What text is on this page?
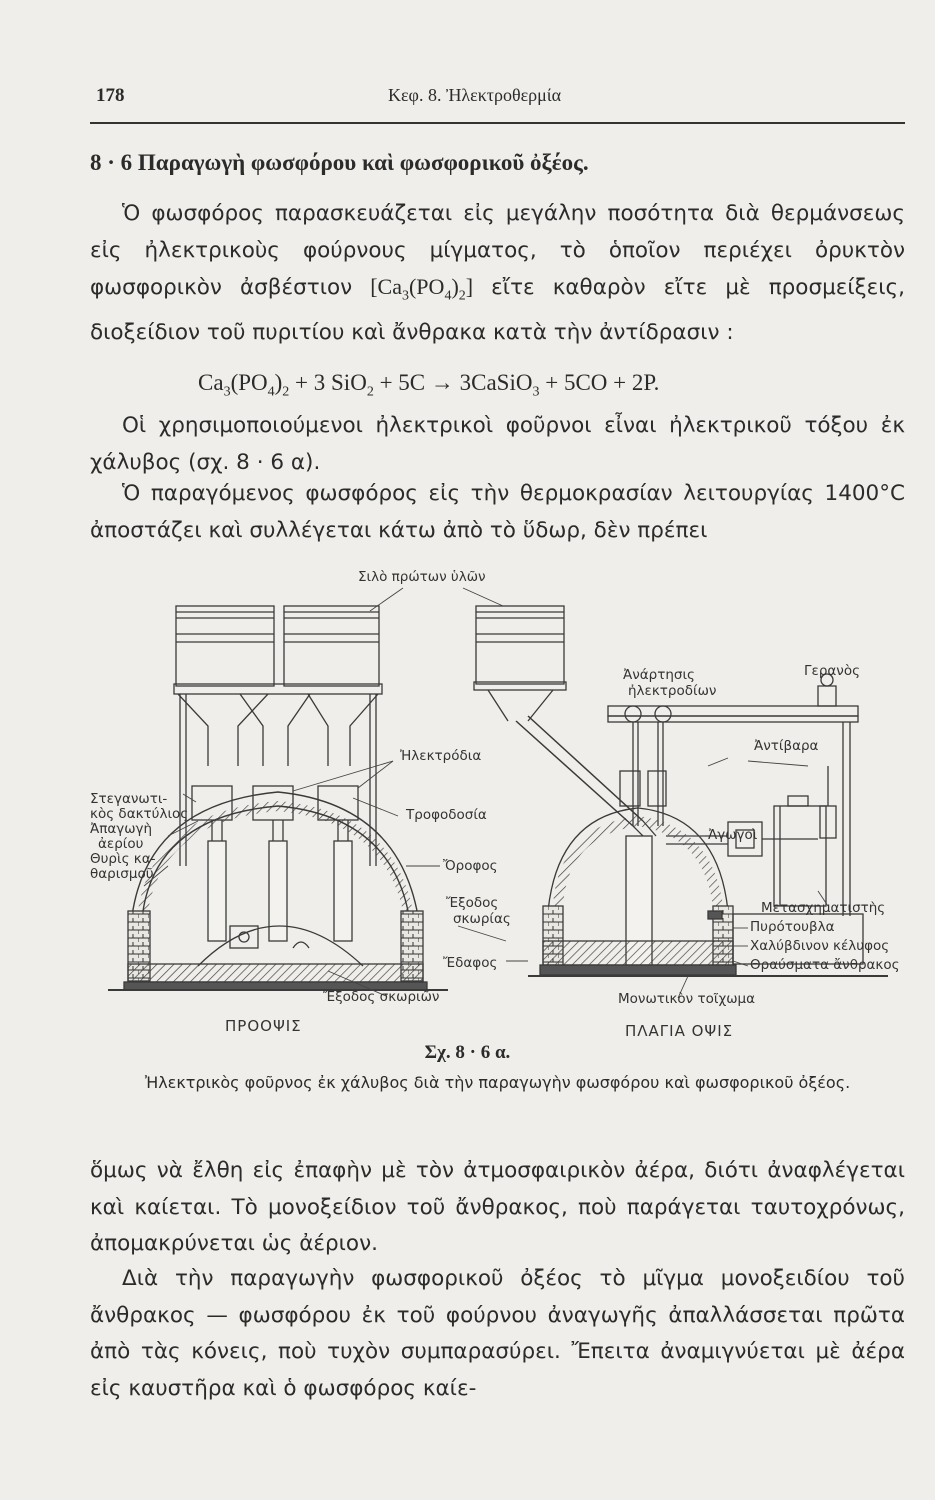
178	Κεφ. 8. Ἠλεκτροθερμία
8 · 6 Παραγωγὴ φωσφόρου καὶ φωσφορικοῦ ὀξέος.

Ὁ φωσφόρος παρασκευάζεται εἰς μεγάλην ποσότητα διὰ θερμάνσεως εἰς ἠλεκτρικοὺς φούρνους μίγματος, τὸ ὁποῖον περιέχει ὀρυκτὸν φωσφορικὸν ἀσβέστιον $[Ca_3(PO_4)_2]$ εἴτε καθαρὸν εἴτε μὲ προσμείξεις, διοξείδιον τοῦ πυριτίου καὶ ἄνθρακα κατὰ τὴν ἀντίδρασιν :

$Ca_3(PO_4)_2 + 3$ SiO$_2$ + 5C → 3CaSiO$_3$ + 5CO + 2P.

Οἱ χρησιμοποιούμενοι ἠλεκτρικοὶ φοῦρνοι εἶναι ἠλεκτρικοῦ τόξου ἐκ χάλυβος (σχ. 8 · 6 α).

Ὁ παραγόμενος φωσφόρος εἰς τὴν θερμοκρασίαν λειτουργίας 1400°C ἀποστάζει καὶ συλλέγεται κάτω ἀπὸ τὸ ὕδωρ, δὲν πρέπει

Σιλὸ πρώτων ὑλῶν
Ἀνάρτησις
ἠλεκτροδίων
Γερανὸς
Ἀντίβαρα
Ἠλεκτρόδια
Τροφοδοσία
Στεγανωτι-
κὸς δακτύλιος
Ἀπαγωγὴ
ἀερίου
Θυρὶς κα-
θαρισμοῦ	Ὄροφος
Ἀγωγοὶ
Ἔξοδος
σκωρίας
Ἔδαφος
Μετασχηματιστὴς
Πυρότουβλα
Χαλύβδινον κέλυφος
Θραύσματα ἄνθρακος
Μονωτικὸν τοῖχωμα
Ἔξοδος σκωριῶν
ΠΡΟΟΨΙΣ	ΠΛΑΓΙΑ ΟΨΙΣ
Σχ. 8 · 6 α.
Ἠλεκτρικὸς φοῦρνος ἐκ χάλυβος διὰ τὴν παραγωγὴν φωσφόρου καὶ φωσφορικοῦ ὀξέος.

ὅμως νὰ ἔλθη εἰς ἐπαφὴν μὲ τὸν ἀτμοσφαιρικὸν ἀέρα, διότι ἀναφλέγεται καὶ καίεται. Τὸ μονοξείδιον τοῦ ἄνθρακος, ποὺ παράγεται ταυτοχρόνως, ἀπομακρύνεται ὡς ἀέριον.

Διὰ τὴν παραγωγὴν φωσφορικοῦ ὀξέος τὸ μῖγμα μονοξειδίου τοῦ ἄνθρακος — φωσφόρου ἐκ τοῦ φούρνου ἀναγωγῆς ἀπαλλάσσεται πρῶτα ἀπὸ τὰς κόνεις, ποὺ τυχὸν συμπαρασύρει. Ἔπειτα ἀναμιγνύεται μὲ ἀέρα εἰς καυστῆρα καὶ ὁ φωσφόρος καίε-
